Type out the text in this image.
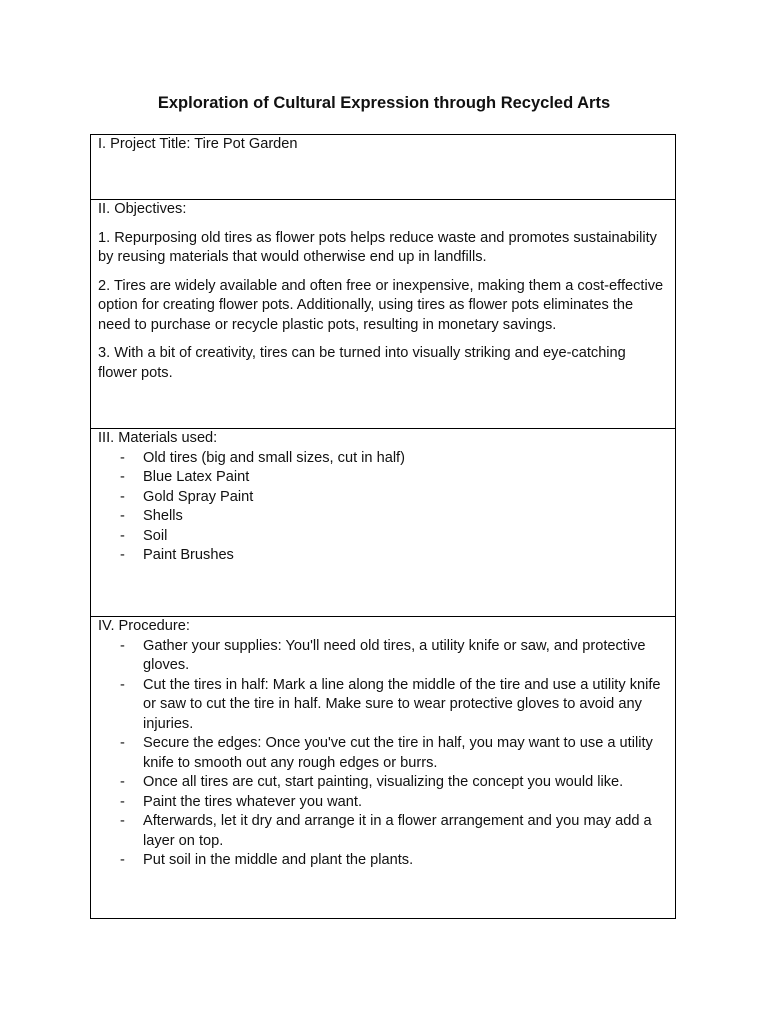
Exploration of Cultural Expression through Recycled Arts
I. Project Title: Tire Pot Garden
II. Objectives:

1. Repurposing old tires as flower pots helps reduce waste and promotes sustainability by reusing materials that would otherwise end up in landfills.

2. Tires are widely available and often free or inexpensive, making them a cost-effective option for creating flower pots. Additionally, using tires as flower pots eliminates the need to purchase or recycle plastic pots, resulting in monetary savings.

3. With a bit of creativity, tires can be turned into visually striking and eye-catching flower pots.

III. Materials used:
- Old tires (big and small sizes, cut in half)
- Blue Latex Paint
- Gold Spray Paint
- Shells
- Soil
- Paint Brushes
IV. Procedure:
- Gather your supplies: You'll need old tires, a utility knife or saw, and protective gloves.
- Cut the tires in half: Mark a line along the middle of the tire and use a utility knife or saw to cut the tire in half. Make sure to wear protective gloves to avoid any injuries.
- Secure the edges: Once you've cut the tire in half, you may want to use a utility knife to smooth out any rough edges or burrs.
- Once all tires are cut, start painting, visualizing the concept you would like.
- Paint the tires whatever you want.
- Afterwards, let it dry and arrange it in a flower arrangement and you may add a layer on top.
- Put soil in the middle and plant the plants.
